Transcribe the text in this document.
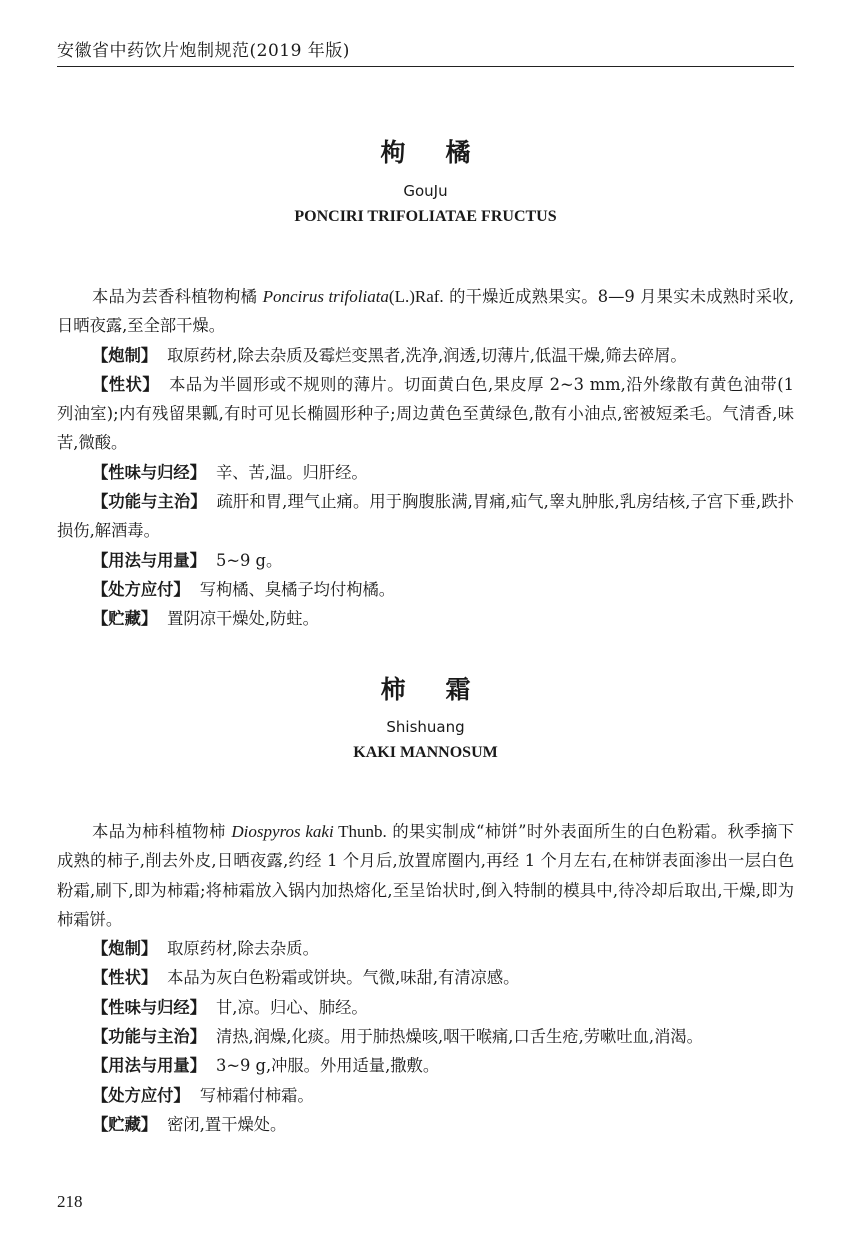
安徽省中药饮片炮制规范(2019 年版)
枸橘
GouJu
PONCIRI TRIFOLIATAE FRUCTUS

本品为芸香科植物枸橘 Poncirus trifoliata(L.)Raf. 的干燥近成熟果实。8—9 月果实未成熟时采收,日晒夜露,至全部干燥。

【炮制】 取原药材,除去杂质及霉烂变黑者,洗净,润透,切薄片,低温干燥,筛去碎屑。

【性状】 本品为半圆形或不规则的薄片。切面黄白色,果皮厚 2~3 mm,沿外缘散有黄色油带(1 列油室);内有残留果瓤,有时可见长椭圆形种子;周边黄色至黄绿色,散有小油点,密被短柔毛。气清香,味苦,微酸。

【性味与归经】 辛、苦,温。归肝经。

【功能与主治】 疏肝和胃,理气止痛。用于胸腹胀满,胃痛,疝气,睾丸肿胀,乳房结核,子宫下垂,跌扑损伤,解酒毒。

【用法与用量】 5~9 g。

【处方应付】 写枸橘、臭橘子均付枸橘。

【贮藏】 置阴凉干燥处,防蛀。

柿霜
Shishuang
KAKI MANNOSUM

本品为柿科植物柿 Diospyros kaki Thunb. 的果实制成“柿饼”时外表面所生的白色粉霜。秋季摘下成熟的柿子,削去外皮,日晒夜露,约经 1 个月后,放置席圈内,再经 1 个月左右,在柿饼表面渗出一层白色粉霜,刷下,即为柿霜;将柿霜放入锅内加热熔化,至呈饴状时,倒入特制的模具中,待冷却后取出,干燥,即为柿霜饼。

【炮制】 取原药材,除去杂质。

【性状】 本品为灰白色粉霜或饼块。气微,味甜,有清凉感。

【性味与归经】 甘,凉。归心、肺经。

【功能与主治】 清热,润燥,化痰。用于肺热燥咳,咽干喉痛,口舌生疮,劳嗽吐血,消渴。

【用法与用量】 3~9 g,冲服。外用适量,撒敷。

【处方应付】 写柿霜付柿霜。

【贮藏】 密闭,置干燥处。

218
